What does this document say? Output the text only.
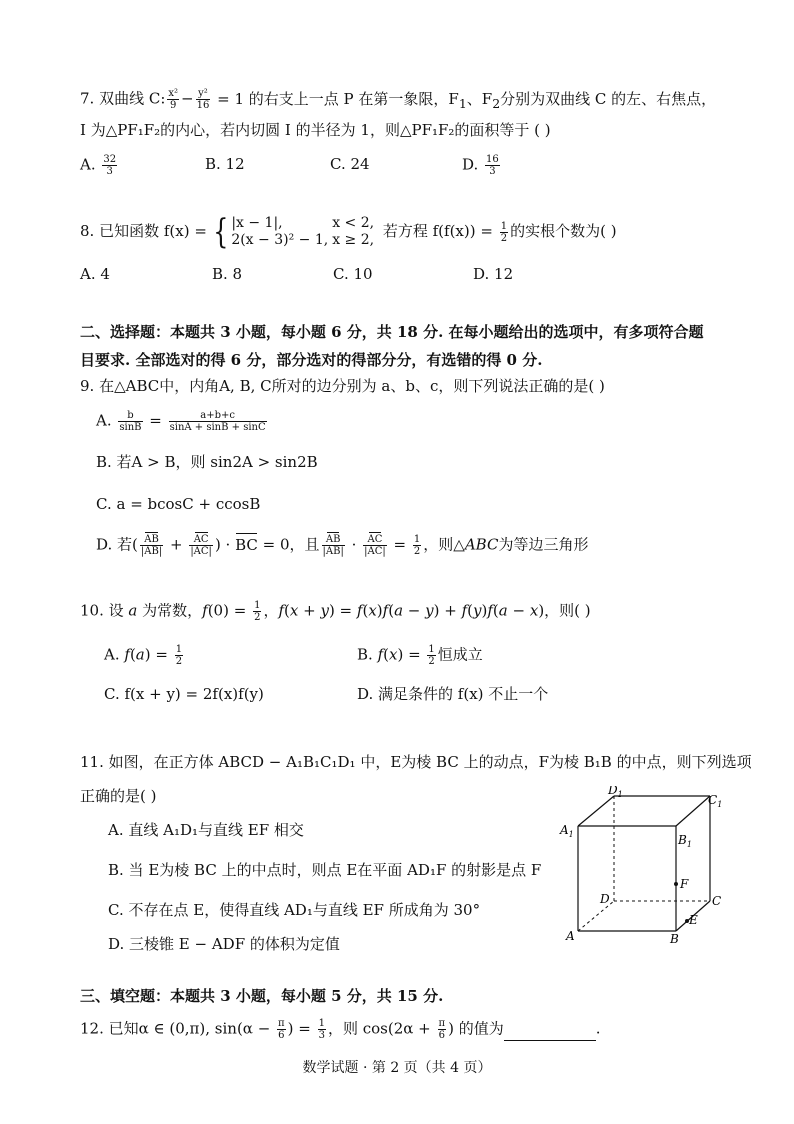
7. 双曲线 C: $\frac{\text{x²}}{9} - \frac{\text{y²}}{16} = 1$ 的右支上一点 P 在第一象限，$F_1$、$F_2$分别为双曲线 C 的左、右焦点，
I 为△PF₁F₂的内心，若内切圆 I 的半径为 1，则△PF₁F₂的面积等于 ( )
A. $\frac{32}{3}$	B. 12	C. 24	D. $\frac{16}{3}$
8. 已知函数 f(x) = { |x − 1|,	x < 2,
2(x − 3)² − 1,	x ≥ 2, 若方程 $f(f(x)) = \frac{1}{2}$ 的实根个数为( )
A. 4	B. 8	C. 10	D. 12
二、选择题：本题共 3 小题，每小题 6 分，共 18 分. 在每小题给出的选项中，有多项符合题
目要求. 全部选对的得 6 分，部分选对的得部分分，有选错的得 0 分.
9. 在△ABC中，内角A, B, C所对的边分别为 a、b、c，则下列说法正确的是( )
A. $\frac{b}{\sin B} = \frac{a+b+c}{\sin A + \sin B + \sin C}$
B. 若A > B，则 sin2A > sin2B
C. a = bcosC + ccosB
D. 若( $\frac{AB}{|AB|} + \frac{AC}{|AC|}$ ) · BC = 0，且 $\frac{AB}{|AB|} \cdot \frac{AC}{|AC|} = \frac{1}{2}$ ，则△ABC为等边三角形
10. 设 a 为常数，$f(0) = \frac{1}{2}$ ，f(x + y) = f(x)f(a − y) + f(y)f(a − x)，则( )
A. $f(a) = \frac{1}{2}$	B. $f(x) = \frac{1}{2}$ 恒成立
C. f(x + y) = 2f(x)f(y)	D. 满足条件的 f(x) 不止一个
11. 如图，在正方体 ABCD − A₁B₁C₁D₁ 中，E为棱 BC 上的动点，F为棱 B₁B 的中点，则下列选项
正确的是( )
A. 直线 A₁D₁与直线 EF 相交
B. 当 E为棱 BC 上的中点时，则点 E在平面 AD₁F 的射影是点 F
C. 不存在点 E，使得直线 AD₁与直线 EF 所成角为 30°
D. 三棱锥 E − ADF 的体积为定值
$D_1$	$C_1$
$A_1$	$B_1$
F
D	C
E
A	B
三、填空题：本题共 3 小题，每小题 5 分，共 15 分.
12. 已知α ∈ (0,π), $\sin(\alpha - \frac{\pi}{6}$ ) = $\frac{1}{3}$ ，则 $\cos(2\alpha + \frac{\pi}{6}$ ) 的值为	.
数学试题 · 第 2 页（共 4 页）
